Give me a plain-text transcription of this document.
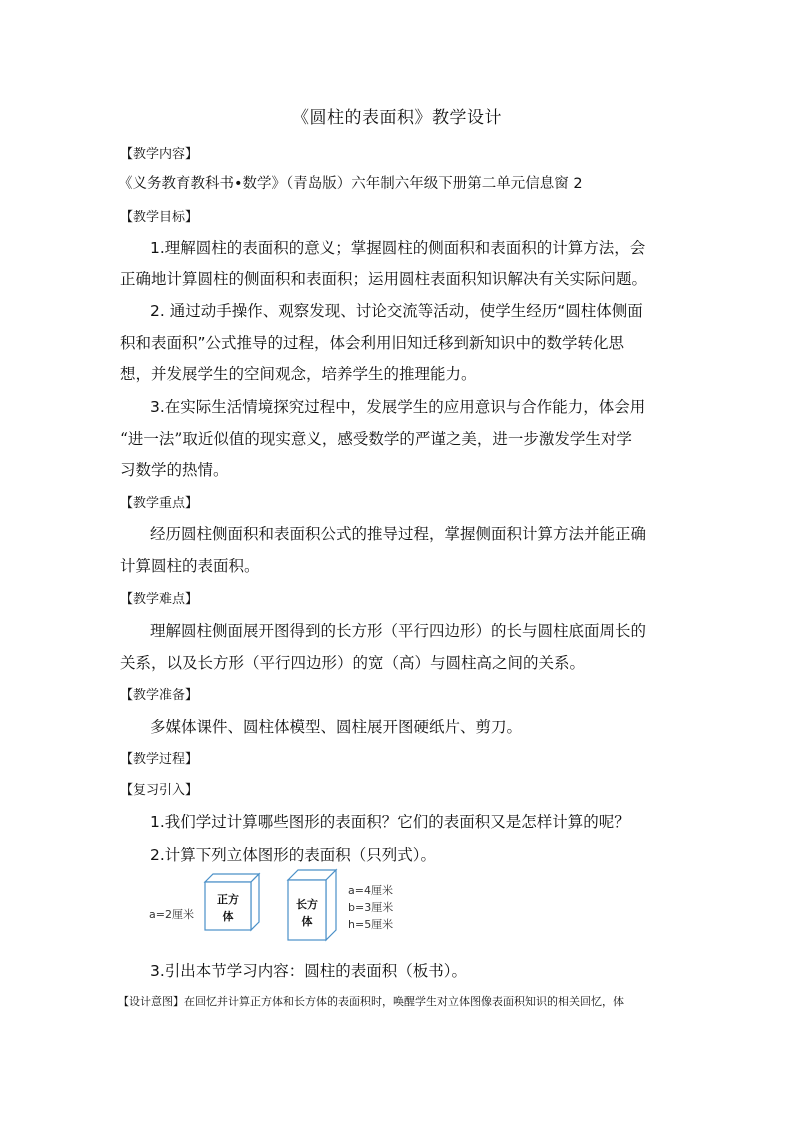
《圆柱的表面积》教学设计
【教学内容】
《义务教育教科书•数学》（青岛版）六年制六年级下册第二单元信息窗 2
【教学目标】
1.理解圆柱的表面积的意义；掌握圆柱的侧面积和表面积的计算方法，会
正确地计算圆柱的侧面积和表面积；运用圆柱表面积知识解决有关实际问题。
2. 通过动手操作、观察发现、讨论交流等活动，使学生经历“圆柱体侧面
积和表面积”公式推导的过程，体会利用旧知迁移到新知识中的数学转化思
想，并发展学生的空间观念，培养学生的推理能力。
3.在实际生活情境探究过程中，发展学生的应用意识与合作能力，体会用
“进一法”取近似值的现实意义，感受数学的严谨之美，进一步激发学生对学
习数学的热情。
【教学重点】
经历圆柱侧面积和表面积公式的推导过程，掌握侧面积计算方法并能正确
计算圆柱的表面积。
【教学难点】
理解圆柱侧面展开图得到的长方形（平行四边形）的长与圆柱底面周长的
关系，以及长方形（平行四边形）的宽（高）与圆柱高之间的关系。
【教学准备】
多媒体课件、圆柱体模型、圆柱展开图硬纸片、剪刀。
【教学过程】
【复习引入】
1.我们学过计算哪些图形的表面积？它们的表面积又是怎样计算的呢？
2.计算下列立体图形的表面积（只列式）。
正方
体
a=2厘米
长方
体
a=4厘米
b=3厘米
h=5厘米
3.引出本节学习内容：圆柱的表面积（板书）。
【设计意图】在回忆并计算正方体和长方体的表面积时，唤醒学生对立体图像表面积知识的相关回忆，体
